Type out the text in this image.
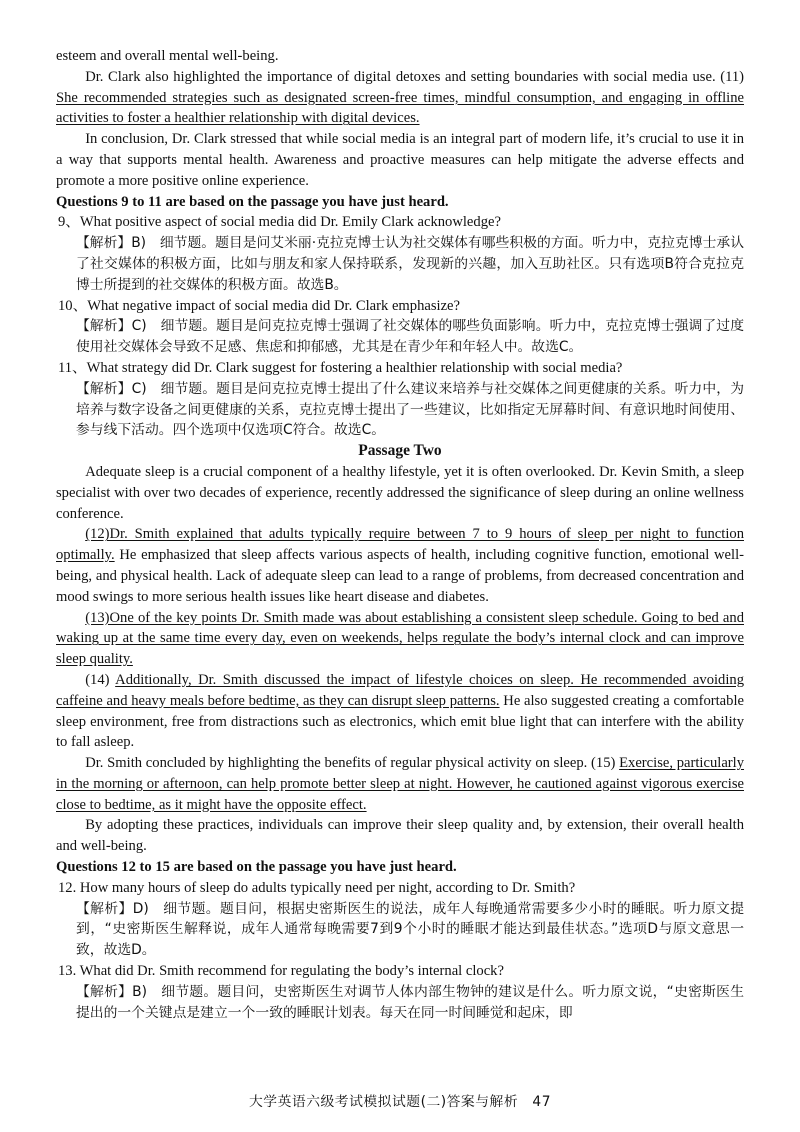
esteem and overall mental well-being.

Dr. Clark also highlighted the importance of digital detoxes and setting boundaries with social media use. (11) She recommended strategies such as designated screen-free times, mindful consumption, and engaging in offline activities to foster a healthier relationship with digital devices.

In conclusion, Dr. Clark stressed that while social media is an integral part of modern life, it’s crucial to use it in a way that supports mental health. Awareness and proactive measures can help mitigate the adverse effects and promote a more positive online experience.

Questions 9 to 11 are based on the passage you have just heard.

9、What positive aspect of social media did Dr. Emily Clark acknowledge?

【解析】B)　细节题。题目是问艾米丽·克拉克博士认为社交媒体有哪些积极的方面。听力中，克拉克博士承认了社交媒体的积极方面，比如与朋友和家人保持联系，发现新的兴趣，加入互助社区。只有选项B符合克拉克博士所提到的社交媒体的积极方面。故选B。

10、What negative impact of social media did Dr. Clark emphasize?

【解析】C)　细节题。题目是问克拉克博士强调了社交媒体的哪些负面影响。听力中，克拉克博士强调了过度使用社交媒体会导致不足感、焦虑和抑郁感，尤其是在青少年和年轻人中。故选C。

11、What strategy did Dr. Clark suggest for fostering a healthier relationship with social media?

【解析】C)　细节题。题目是问克拉克博士提出了什么建议来培养与社交媒体之间更健康的关系。听力中，为培养与数字设备之间更健康的关系，克拉克博士提出了一些建议，比如指定无屏幕时间、有意识地时间使用、参与线下活动。四个选项中仅选项C符合。故选C。

Passage Two

Adequate sleep is a crucial component of a healthy lifestyle, yet it is often overlooked. Dr. Kevin Smith, a sleep specialist with over two decades of experience, recently addressed the significance of sleep during an online wellness conference.

(12)Dr. Smith explained that adults typically require between 7 to 9 hours of sleep per night to function optimally. He emphasized that sleep affects various aspects of health, including cognitive function, emotional well-being, and physical health. Lack of adequate sleep can lead to a range of problems, from decreased concentration and mood swings to more serious health issues like heart disease and diabetes.

(13)One of the key points Dr. Smith made was about establishing a consistent sleep schedule. Going to bed and waking up at the same time every day, even on weekends, helps regulate the body’s internal clock and can improve sleep quality.

(14) Additionally, Dr. Smith discussed the impact of lifestyle choices on sleep. He recommended avoiding caffeine and heavy meals before bedtime, as they can disrupt sleep patterns. He also suggested creating a comfortable sleep environment, free from distractions such as electronics, which emit blue light that can interfere with the ability to fall asleep.

Dr. Smith concluded by highlighting the benefits of regular physical activity on sleep. (15) Exercise, particularly in the morning or afternoon, can help promote better sleep at night. However, he cautioned against vigorous exercise close to bedtime, as it might have the opposite effect.

By adopting these practices, individuals can improve their sleep quality and, by extension, their overall health and well-being.

Questions 12 to 15 are based on the passage you have just heard.

12. How many hours of sleep do adults typically need per night, according to Dr. Smith?

【解析】D)　细节题。题目问，根据史密斯医生的说法，成年人每晚通常需要多少小时的睡眠。听力原文提到，“史密斯医生解释说，成年人通常每晚需要7到9个小时的睡眠才能达到最佳状态。”选项D与原文意思一致，故选D。

13. What did Dr. Smith recommend for regulating the body’s internal clock?

【解析】B)　细节题。题目问，史密斯医生对调节人体内部生物钟的建议是什么。听力原文说，“史密斯医生提出的一个关键点是建立一个一致的睡眠计划表。每天在同一时间睡觉和起床，即

大学英语六级考试模拟试题(二)答案与解析　47
